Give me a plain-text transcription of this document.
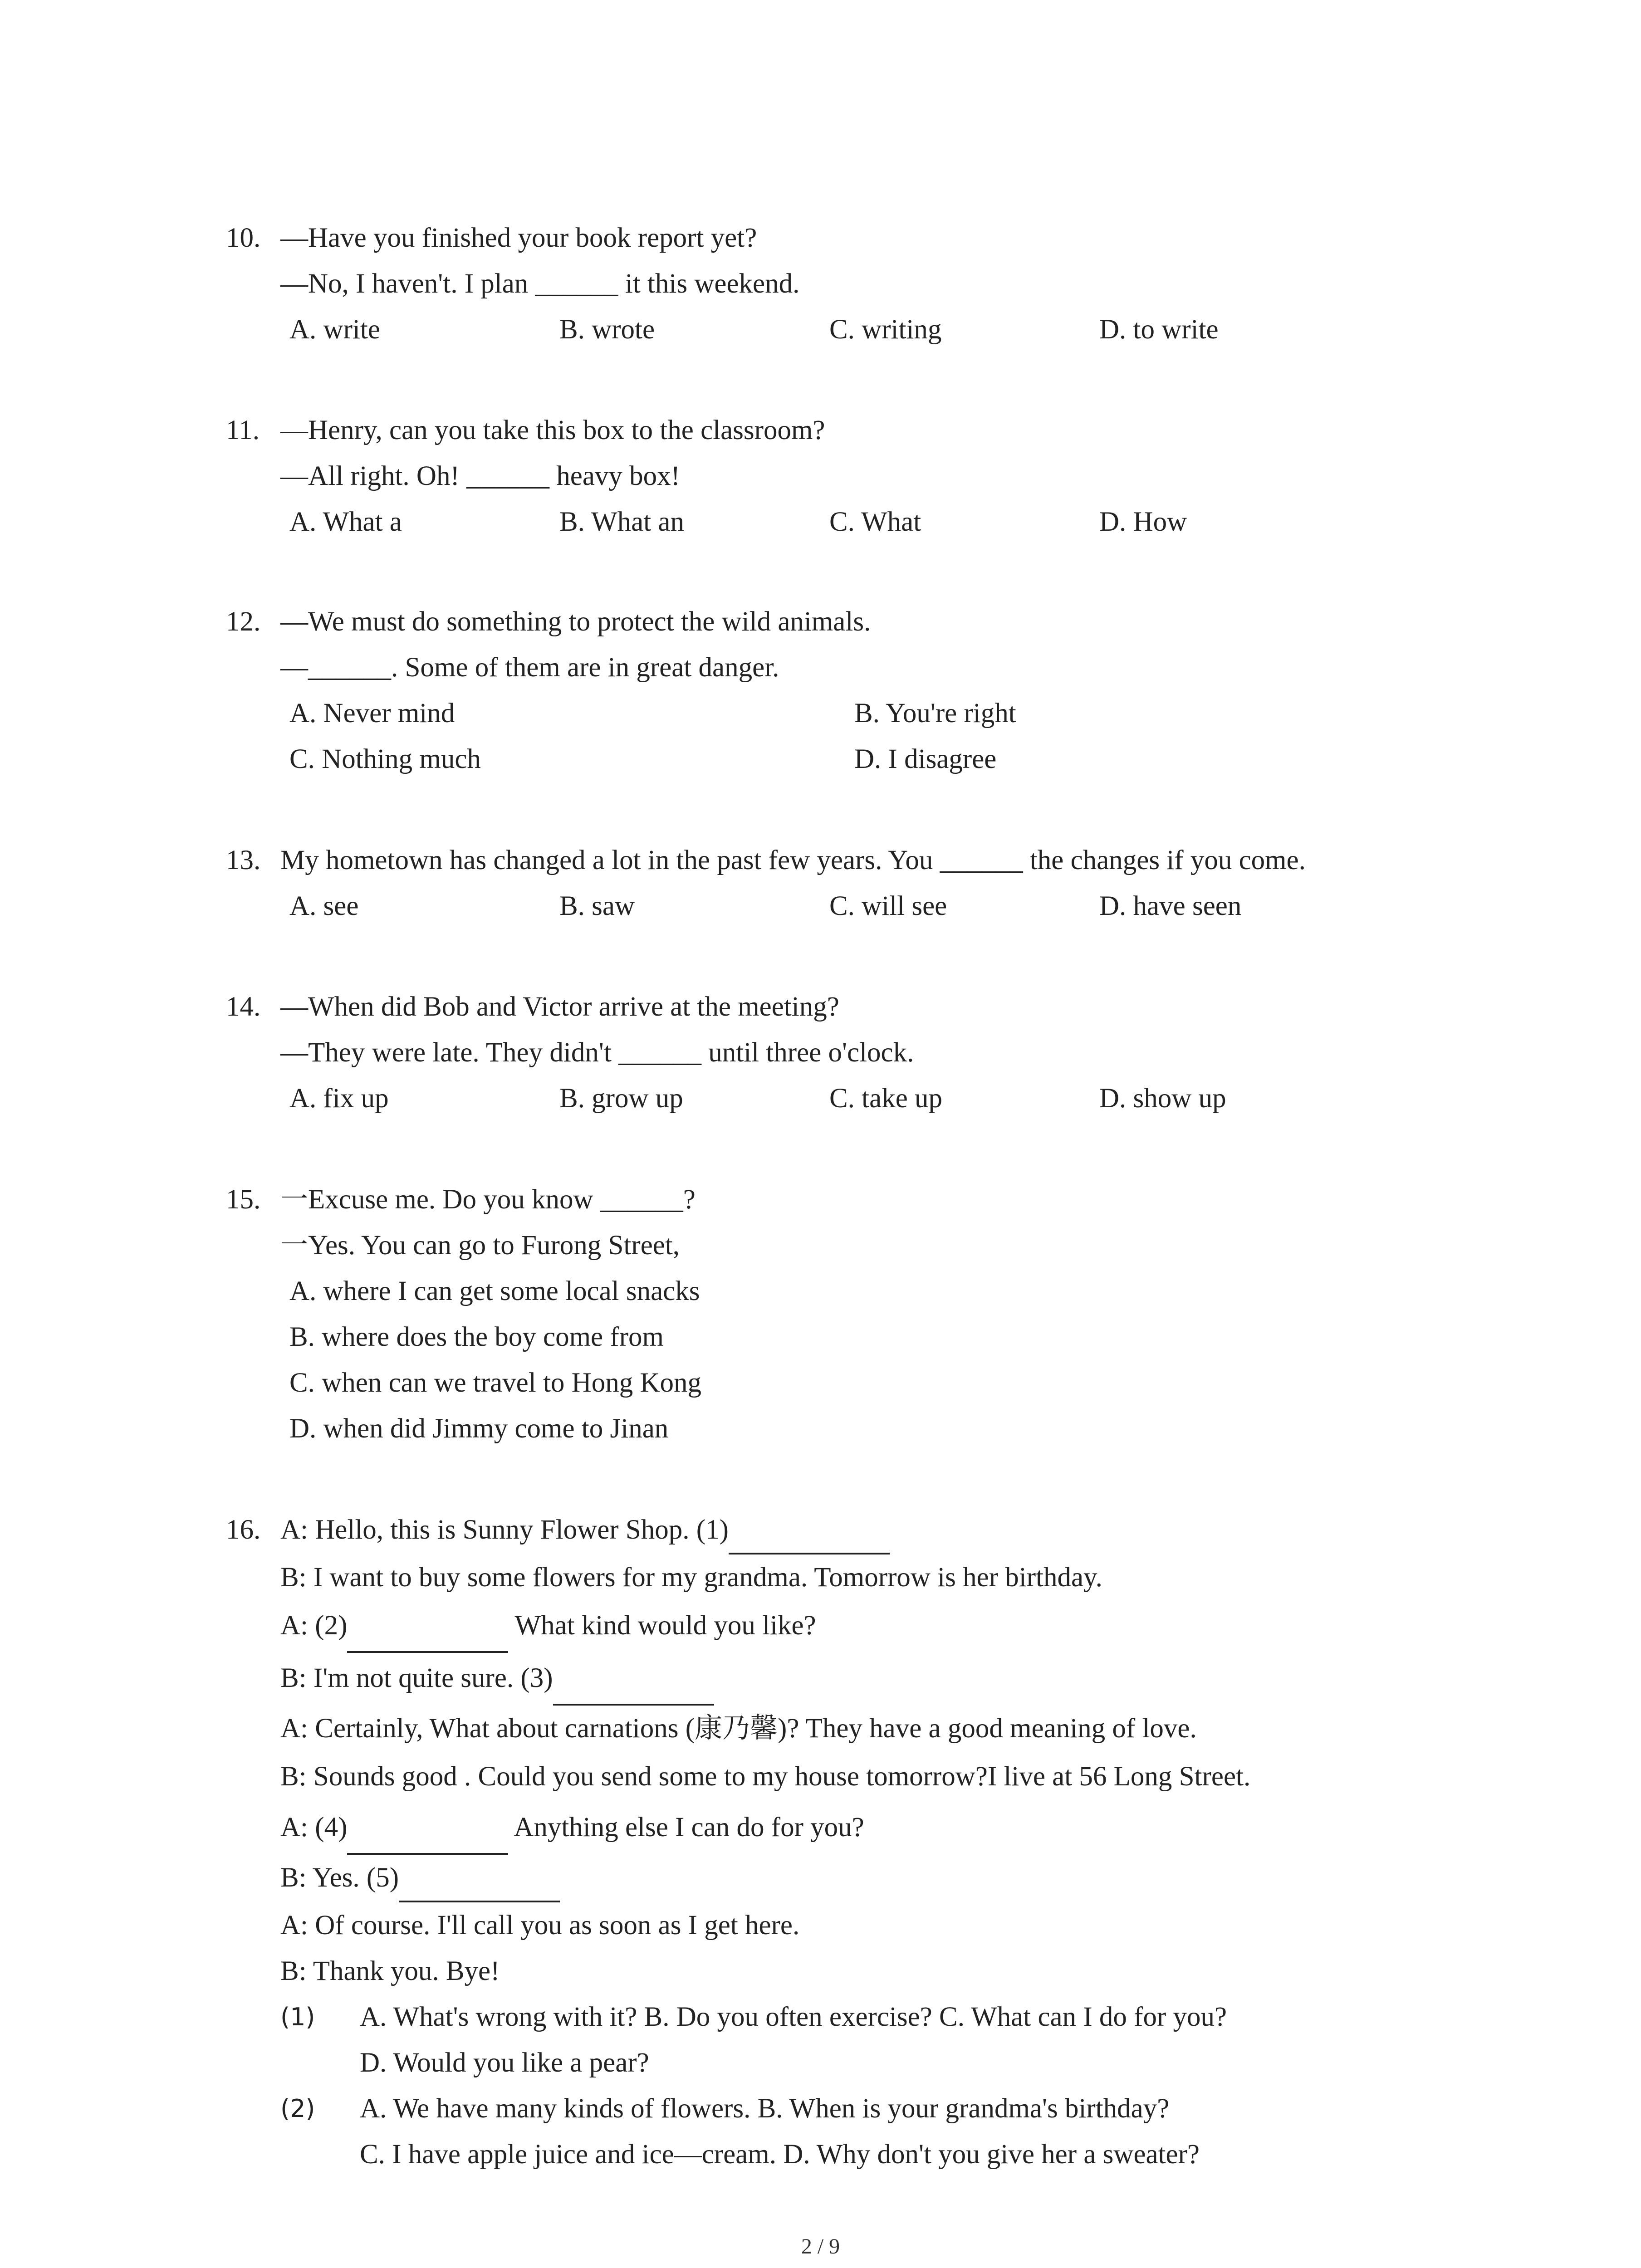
10. —Have you finished your book report yet?
—No, I haven't. I plan ______ it this weekend.
A. write	B. wrote	C. writing	D. to write
11. —Henry, can you take this box to the classroom?
—All right. Oh! ______ heavy box!
A. What a	B. What an	C. What	D. How
12. —We must do something to protect the wild animals.
—______. Some of them are in great danger.
A. Never mind	B. You're right
C. Nothing much	D. I disagree
13. My hometown has changed a lot in the past few years. You ______ the changes if you come.
A. see	B. saw	C. will see	D. have seen
14. —When did Bob and Victor arrive at the meeting?
—They were late. They didn't ______ until three o'clock.
A. fix up	B. grow up	C. take up	D. show up
15. 一Excuse me. Do you know ______?
一Yes. You can go to Furong Street,
A. where I can get some local snacks
B. where does the boy come from
C. when can we travel to Hong Kong
D. when did Jimmy come to Jinan
16. A: Hello, this is Sunny Flower Shop. (1)
B: I want to buy some flowers for my grandma. Tomorrow is her birthday.
A: (2)	What kind would you like?
B: I'm not quite sure. (3)
A: Certainly, What about carnations (康乃馨)? They have a good meaning of love.
B: Sounds good . Could you send some to my house tomorrow?I live at 56 Long Street.
A: (4)	Anything else I can do for you?
B: Yes. (5)
A: Of course. I'll call you as soon as I get here.
B: Thank you. Bye!
(1) A. What's wrong with it? B. Do you often exercise? C. What can I do for you?
D. Would you like a pear?
(2) A. We have many kinds of flowers. B. When is your grandma's birthday?
C. I have apple juice and ice—cream. D. Why don't you give her a sweater?
2 / 9
